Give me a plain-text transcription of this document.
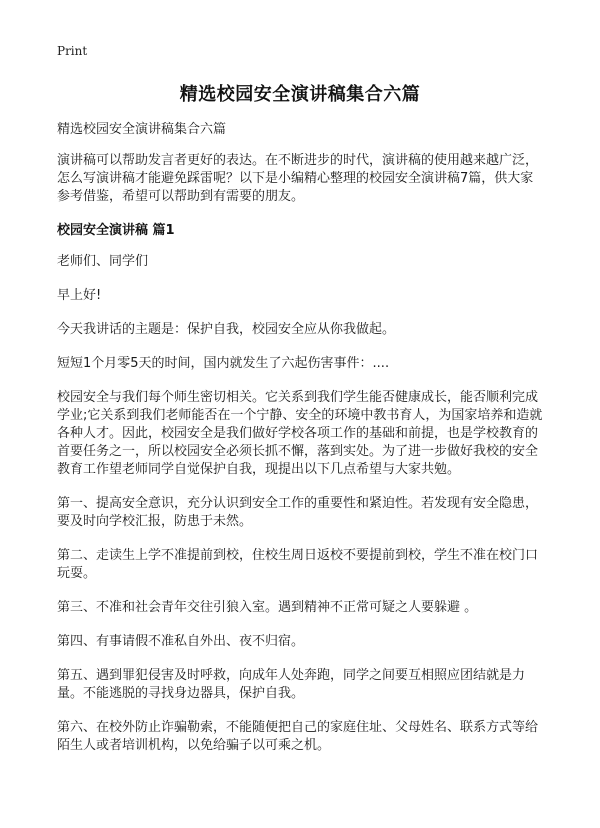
Print
精选校园安全演讲稿集合六篇

精选校园安全演讲稿集合六篇

演讲稿可以帮助发言者更好的表达。在不断进步的时代，演讲稿的使用越来越广泛，怎么写演讲稿才能避免踩雷呢？以下是小编精心整理的校园安全演讲稿7篇，供大家参考借鉴，希望可以帮助到有需要的朋友。

校园安全演讲稿 篇1

老师们、同学们

早上好!

今天我讲话的主题是：保护自我，校园安全应从你我做起。

短短1个月零5天的时间，国内就发生了六起伤害事件：....

校园安全与我们每个师生密切相关。它关系到我们学生能否健康成长，能否顺利完成学业;它关系到我们老师能否在一个宁静、安全的环境中教书育人，为国家培养和造就各种人才。因此，校园安全是我们做好学校各项工作的基础和前提，也是学校教育的首要任务之一，所以校园安全必须长抓不懈，落到实处。为了进一步做好我校的安全教育工作望老师同学自觉保护自我，现提出以下几点希望与大家共勉。

第一、提高安全意识，充分认识到安全工作的重要性和紧迫性。若发现有安全隐患，要及时向学校汇报，防患于未然。

第二、走读生上学不准提前到校，住校生周日返校不要提前到校，学生不准在校门口玩耍。

第三、不准和社会青年交往引狼入室。遇到精神不正常可疑之人要躲避 。

第四、有事请假不准私自外出、夜不归宿。

第五、遇到罪犯侵害及时呼救，向成年人处奔跑，同学之间要互相照应团结就是力量。不能逃脱的寻找身边器具，保护自我。

第六、在校外防止诈骗勒索，不能随便把自己的家庭住址、父母姓名、联系方式等给陌生人或者培训机构，以免给骗子以可乘之机。
